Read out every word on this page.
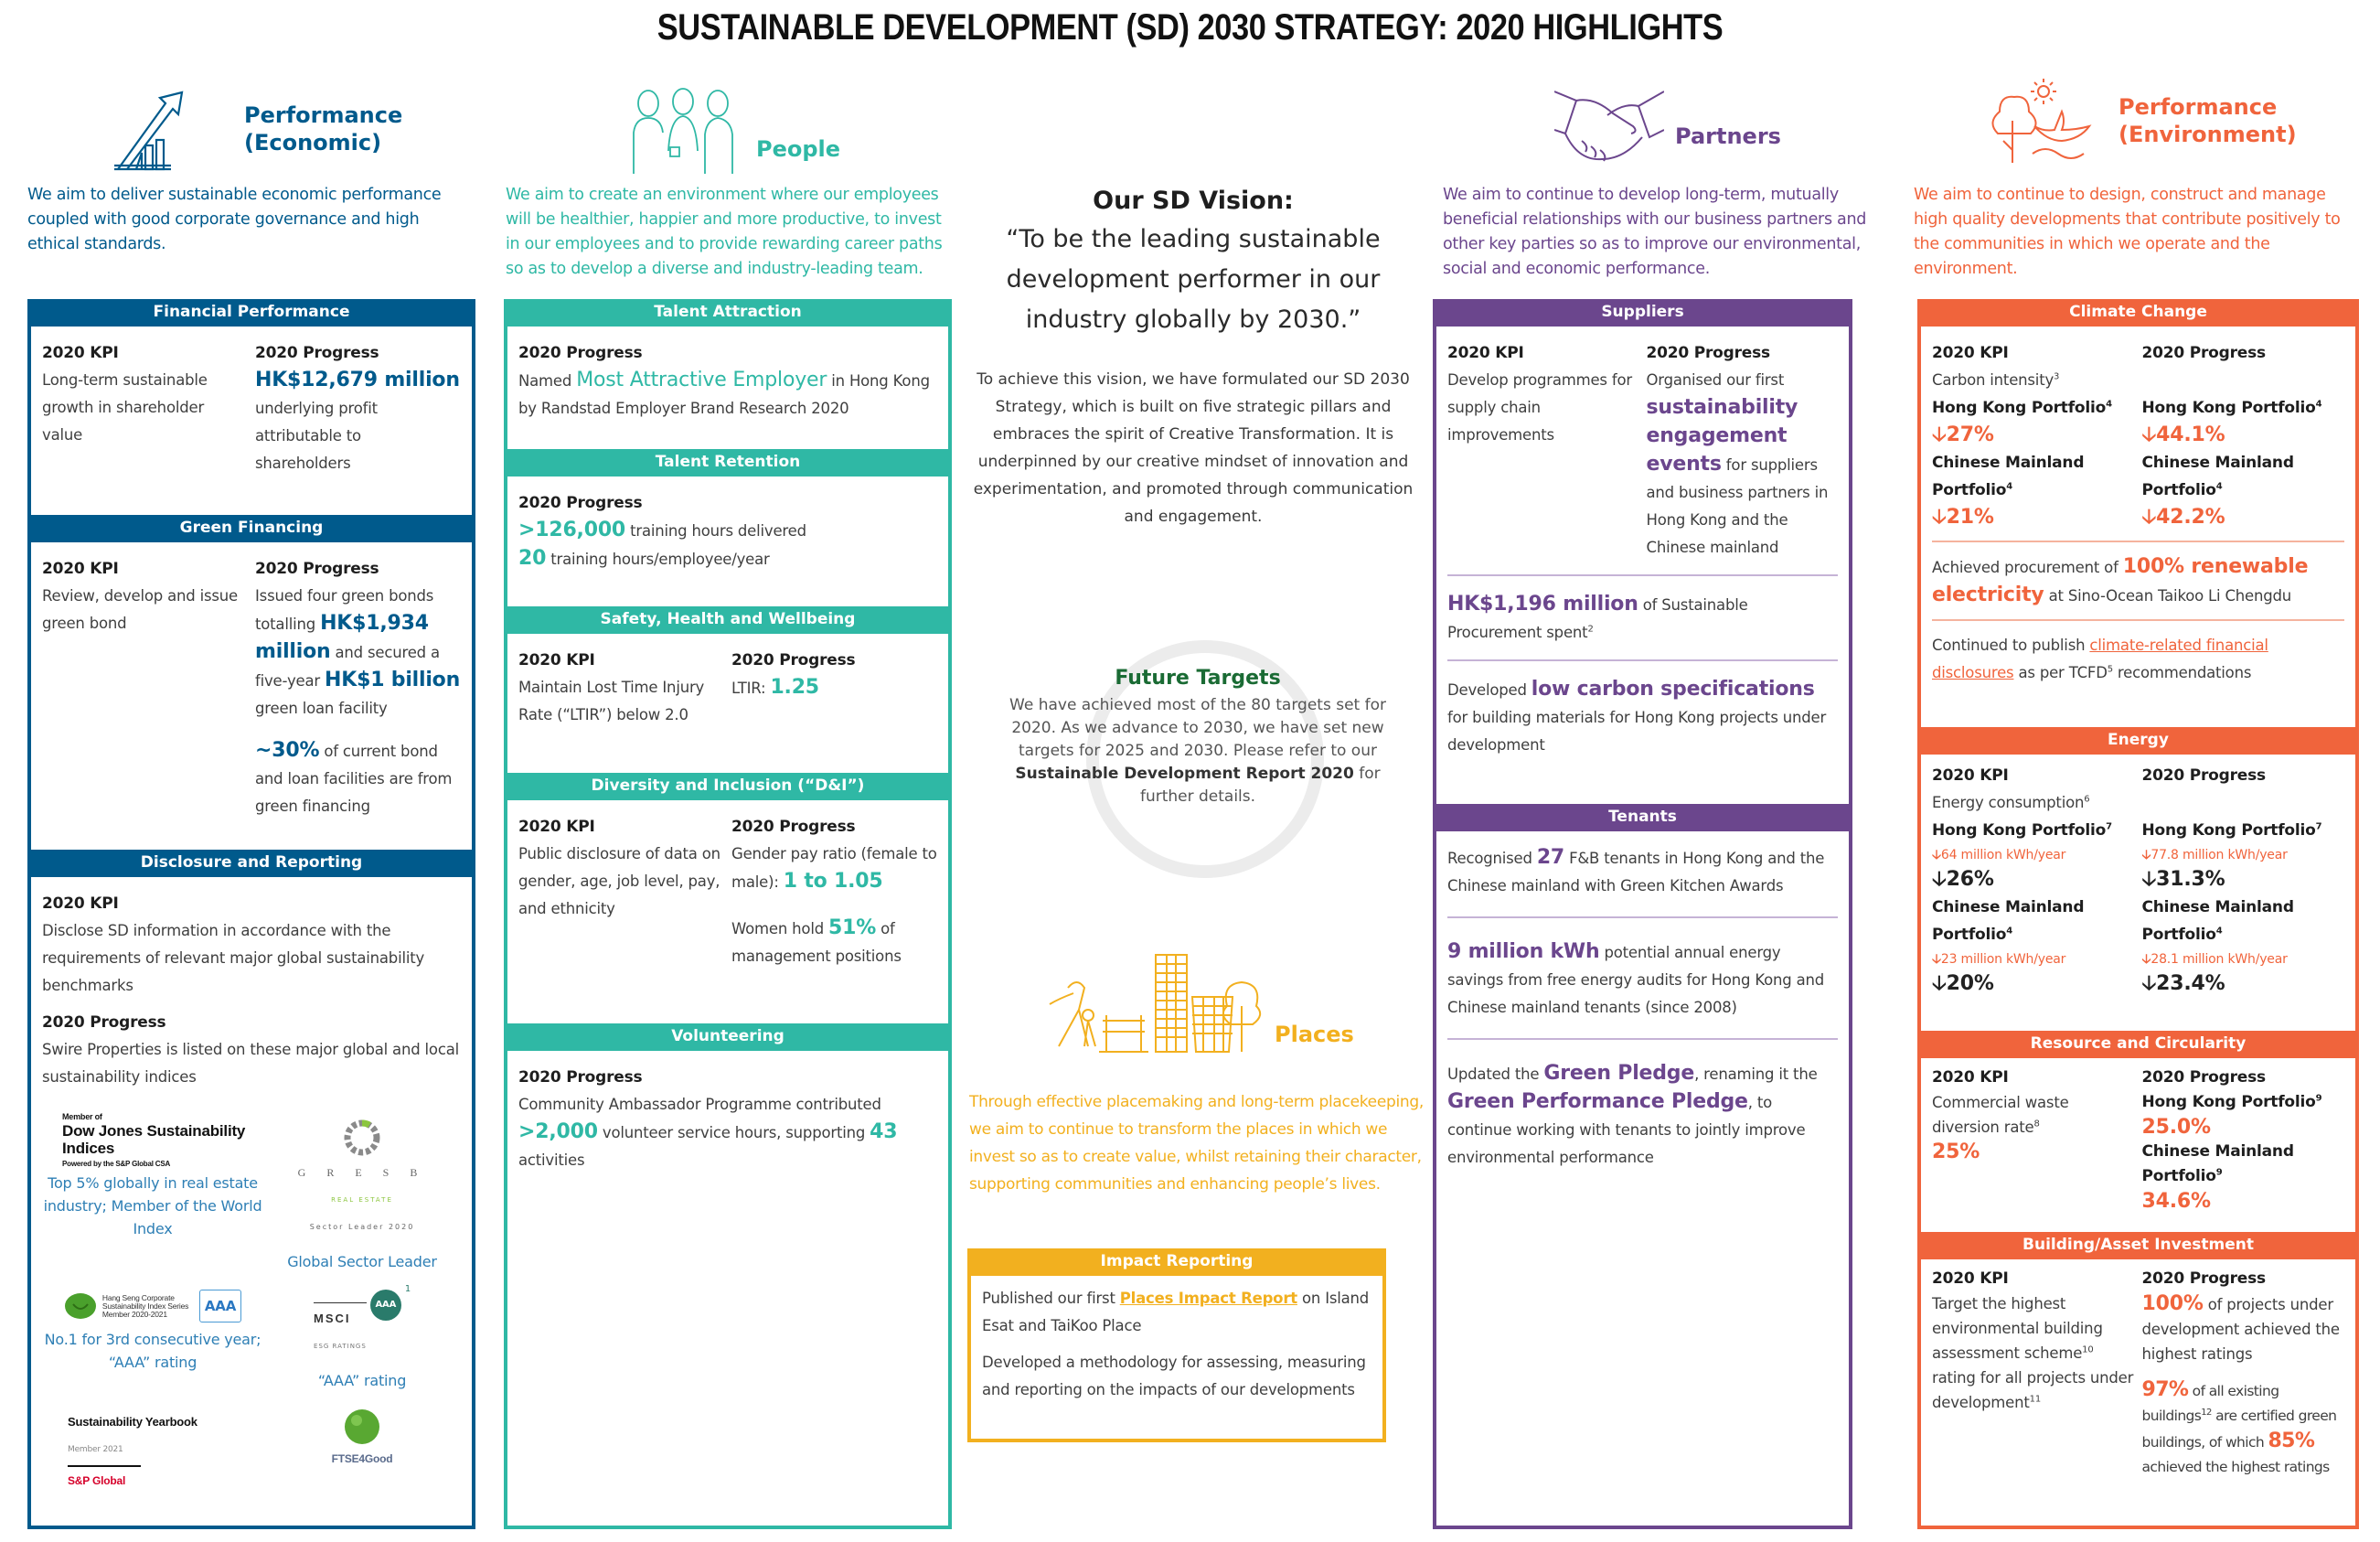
SUSTAINABLE DEVELOPMENT (SD) 2030 STRATEGY: 2020 HIGHLIGHTS
Performance
(Economic)
We aim to deliver sustainable economic performance coupled with good corporate governance and high ethical standards.
Financial Performance
2020 KPI
Long-term sustainable growth in shareholder value
2020 Progress
HK$12,679 million underlying profit attributable to shareholders
Green Financing
2020 KPI
Review, develop and issue green bond
2020 Progress
Issued four green bonds totalling HK$1,934 million and secured a five-year HK$1 billion green loan facility
~30% of current bond and loan facilities are from green financing
Disclosure and Reporting
2020 KPI
Disclose SD information in accordance with the requirements of relevant major global sustainability benchmarks
2020 Progress
Swire Properties is listed on these major global and local sustainability indices
Member of
Dow Jones Sustainability Indices
Powered by the S&P Global CSA
Top 5% globally in real estate industry; Member of the World Index
G R E S B
REAL ESTATE
Sector Leader 2020
Global Sector Leader
Hang Seng Corporate Sustainability Index Series Member 2020-2021	AAA
No.1 for 3rd consecutive year; “AAA” rating
MSCI
ESG RATINGS
AAA
1
“AAA” rating
Sustainability Yearbook
Member 2021
S&P Global
FTSE4Good
People
We aim to create an environment where our employees will be healthier, happier and more productive, to invest in our employees and to provide rewarding career paths so as to develop a diverse and industry-leading team.
Talent Attraction
2020 Progress
Named Most Attractive Employer in Hong Kong by Randstad Employer Brand Research 2020
Talent Retention
2020 Progress
>126,000 training hours delivered
20 training hours/employee/year
Safety, Health and Wellbeing
2020 KPI
Maintain Lost Time Injury Rate (“LTIR”) below 2.0
2020 Progress
LTIR: 1.25
Diversity and Inclusion (“D&I”)
2020 KPI
Public disclosure of data on gender, age, job level, pay, and ethnicity
2020 Progress
Gender pay ratio (female to male): 1 to 1.05
Women hold 51% of management positions
Volunteering
2020 Progress
Community Ambassador Programme contributed >2,000 volunteer service hours, supporting 43 activities
Our SD Vision:
“To be the leading sustainable development performer in our industry globally by 2030.”
To achieve this vision, we have formulated our SD 2030 Strategy, which is built on five strategic pillars and embraces the spirit of Creative Transformation. It is underpinned by our creative mindset of innovation and experimentation, and promoted through communication and engagement.
Future Targets
We have achieved most of the 80 targets set for 2020. As we advance to 2030, we have set new targets for 2025 and 2030. Please refer to our Sustainable Development Report 2020 for further details.
Places
Through effective placemaking and long-term placekeeping, we aim to continue to transform the places in which we invest so as to create value, whilst retaining their character, supporting communities and enhancing people’s lives.
Impact Reporting
Published our first Places Impact Report on Island Esat and TaiKoo Place
Developed a methodology for assessing, measuring and reporting on the impacts of our developments
Partners
We aim to continue to develop long-term, mutually beneficial relationships with our business partners and other key parties so as to improve our environmental, social and economic performance.
Suppliers
2020 KPI
Develop programmes for supply chain improvements
2020 Progress
Organised our first sustainability engagement events for suppliers and business partners in Hong Kong and the Chinese mainland
HK$1,196 million of Sustainable Procurement spent$^2$
Developed low carbon specifications for building materials for Hong Kong projects under development
Tenants
Recognised 27 F&B tenants in Hong Kong and the Chinese mainland with Green Kitchen Awards
9 million kWh potential annual energy savings from free energy audits for Hong Kong and Chinese mainland tenants (since 2008)
Updated the Green Pledge, renaming it the Green Performance Pledge, to continue working with tenants to jointly improve environmental performance
Performance
(Environment)
We aim to continue to design, construct and manage high quality developments that contribute positively to the communities in which we operate and the environment.
Climate Change
2020 KPI
Carbon intensity$^3$
Hong Kong Portfolio$^4$
🡣27%
Chinese Mainland
Portfolio$^4$
🡣21%
2020 Progress

Hong Kong Portfolio$^4$
🡣44.1%
Chinese Mainland
Portfolio$^4$
🡣42.2%
Achieved procurement of 100% renewable electricity at Sino-Ocean Taikoo Li Chengdu
Continued to publish climate-related financial disclosures as per TCFD$^5$ recommendations
Energy
2020 KPI
Energy consumption$^6$
Hong Kong Portfolio$^7$
🡣64 million kWh/year
🡣26%
Chinese Mainland
Portfolio$^4$
🡣23 million kWh/year
🡣20%
2020 Progress

Hong Kong Portfolio$^7$
🡣77.8 million kWh/year
🡣31.3%
Chinese Mainland
Portfolio$^4$
🡣28.1 million kWh/year
🡣23.4%
Resource and Circularity
2020 KPI
Commercial waste diversion rate$^8$
25%
2020 Progress
Hong Kong Portfolio$^9$
25.0%
Chinese Mainland
Portfolio$^9$
34.6%
Building/Asset Investment
2020 KPI
Target the highest environmental building assessment scheme$^{10}$ rating for all projects under development$^{11}$
2020 Progress
100% of projects under development achieved the highest ratings
97% of all existing buildings$^{12}$ are certified green buildings, of which 85% achieved the highest ratings
